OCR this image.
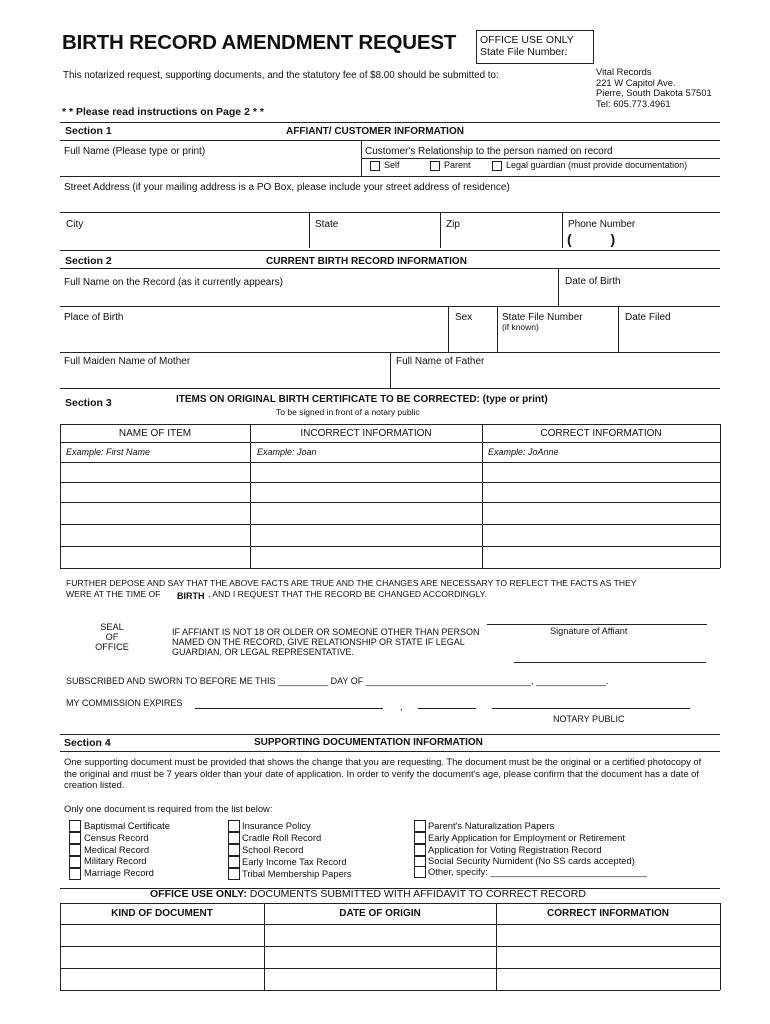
BIRTH RECORD AMENDMENT REQUEST OFFICE USE ONLY
State File Number:
This notarized request, supporting documents, and the statutory fee of $8.00 should be submitted to:	Vital Records
221 W Capitol Ave.
Pierre, South Dakota 57501
Tel: 605.773.4961
* * Please read instructions on Page 2 * *
Section 1	AFFIANT/ CUSTOMER INFORMATION
Full Name (Please type or print)	Customer's Relationship to the person named on record
Self	Parent	Legal guardian (must provide documentation)
Street Address (if your mailing address is a PO Box, please include your street address of residence)
City	State	Zip	Phone Number
(          )
Section 2	CURRENT BIRTH RECORD INFORMATION
Full Name on the Record (as it currently appears)	Date of Birth
Place of Birth	Sex	State File Number
(if known)
Date Filed
Full Maiden Name of Mother	Full Name of Father
Section 3	ITEMS ON ORIGINAL BIRTH CERTIFICATE TO BE CORRECTED: (type or print)
To be signed in front of a notary public
NAME OF ITEM	INCORRECT INFORMATION	CORRECT INFORMATION
Example: First Name	Example: Joan	Example: JoAnne
FURTHER DEPOSE AND SAY THAT THE ABOVE FACTS ARE TRUE AND THE CHANGES ARE NECESSARY TO REFLECT THE FACTS AS THEY
WERE AT THE TIME OF BIRTH , AND I REQUEST THAT THE RECORD BE CHANGED ACCORDINGLY.
SEAL
OF
OFFICE
IF AFFIANT IS NOT 18 OR OLDER OR SOMEONE OTHER THAN PERSON
NAMED ON THE RECORD, GIVE RELATIONSHIP OR STATE IF LEGAL
GUARDIAN, OR LEGAL REPRESENTATIVE.
Signature of Affiant
SUBSCRIBED AND SWORN TO BEFORE ME THIS __________ DAY OF _________________________________, ______________.
MY COMMISSION EXPIRES	,
NOTARY PUBLIC
Section 4	SUPPORTING DOCUMENTATION INFORMATION
One supporting document must be provided that shows the change that you are requesting. The document must be the original or a certified photocopy of the original and must be 7 years older than your date of application. In order to verify the document's age, please confirm that the document has a date of creation listed.
Only one document is required from the list below:
Baptismal Certificate
Census Record
Medical Record
Military Record
Marriage Record
Insurance Policy
Cradle Roll Record
School Record
Early Income Tax Record
Tribal Membership Papers
Parent's Naturalization Papers
Early Application for Employment or Retirement
Application for Voting Registration Record
Social Security Numident (No SS cards accepted)
Other, specify: ______________________________
OFFICE USE ONLY: DOCUMENTS SUBMITTED WITH AFFIDAVIT TO CORRECT RECORD
KIND OF DOCUMENT	DATE OF ORIGIN	CORRECT INFORMATION
